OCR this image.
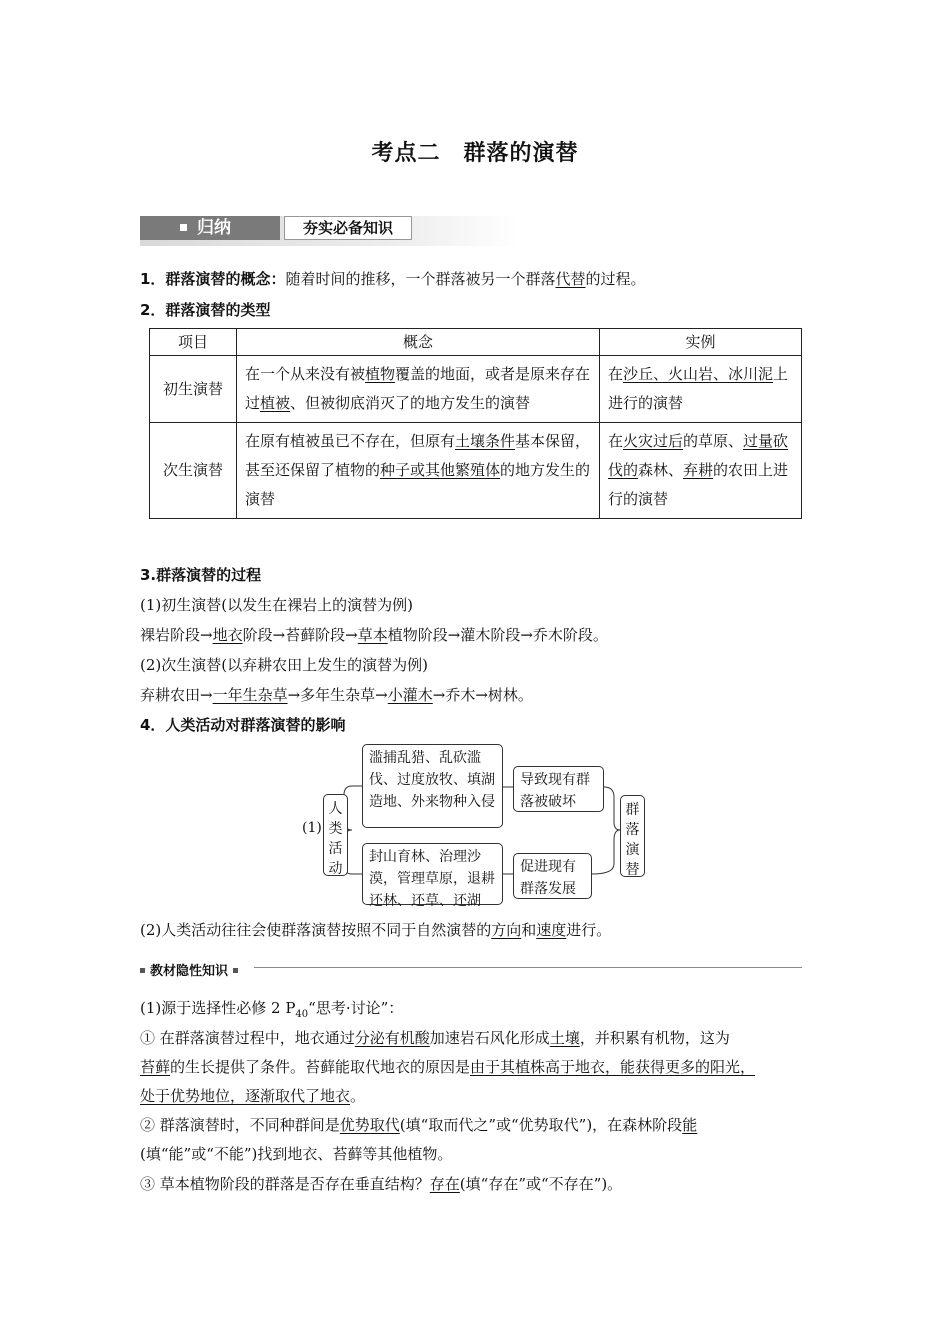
考点二　群落的演替
归纳	夯实必备知识
1．群落演替的概念：随着时间的推移，一个群落被另一个群落代替的过程。
2．群落演替的类型
项目	概念	实例
初生演替	在一个从来没有被植物覆盖的地面，或者是原来存在过植被、但被彻底消灭了的地方发生的演替	在沙丘、火山岩、冰川泥上进行的演替
次生演替	在原有植被虽已不存在，但原有土壤条件基本保留，甚至还保留了植物的种子或其他繁殖体的地方发生的演替	在火灾过后的草原、过量砍伐的森林、弃耕的农田上进行的演替
3.群落演替的过程
(1)初生演替(以发生在裸岩上的演替为例)
裸岩阶段→地衣阶段→苔藓阶段→草本植物阶段→灌木阶段→乔木阶段。
(2)次生演替(以弃耕农田上发生的演替为例)
弃耕农田→一年生杂草→多年生杂草→小灌木→乔木→树林。
4．人类活动对群落演替的影响
(1)
人类活动
滥捕乱猎、乱砍滥伐、过度放牧、填湖造地、外来物种入侵
导致现有群落被破坏
封山育林、治理沙漠，管理草原，退耕还林、还草、还湖
促进现有群落发展
群落演替
(2)人类活动往往会使群落演替按照不同于自然演替的方向和速度进行。
教材隐性知识
(1)源于选择性必修 2 $P_{40}“$思考·讨论”：
① 在群落演替过程中，地衣通过分泌有机酸加速岩石风化形成土壤，并积累有机物，这为
苔藓的生长提供了条件。苔藓能取代地衣的原因是由于其植株高于地衣，能获得更多的阳光，
处于优势地位，逐渐取代了地衣。
② 群落演替时，不同种群间是优势取代(填“取而代之”或“优势取代”)，在森林阶段能
(填“能”或“不能”)找到地衣、苔藓等其他植物。
③ 草本植物阶段的群落是否存在垂直结构？存在(填“存在”或“不存在”)。
